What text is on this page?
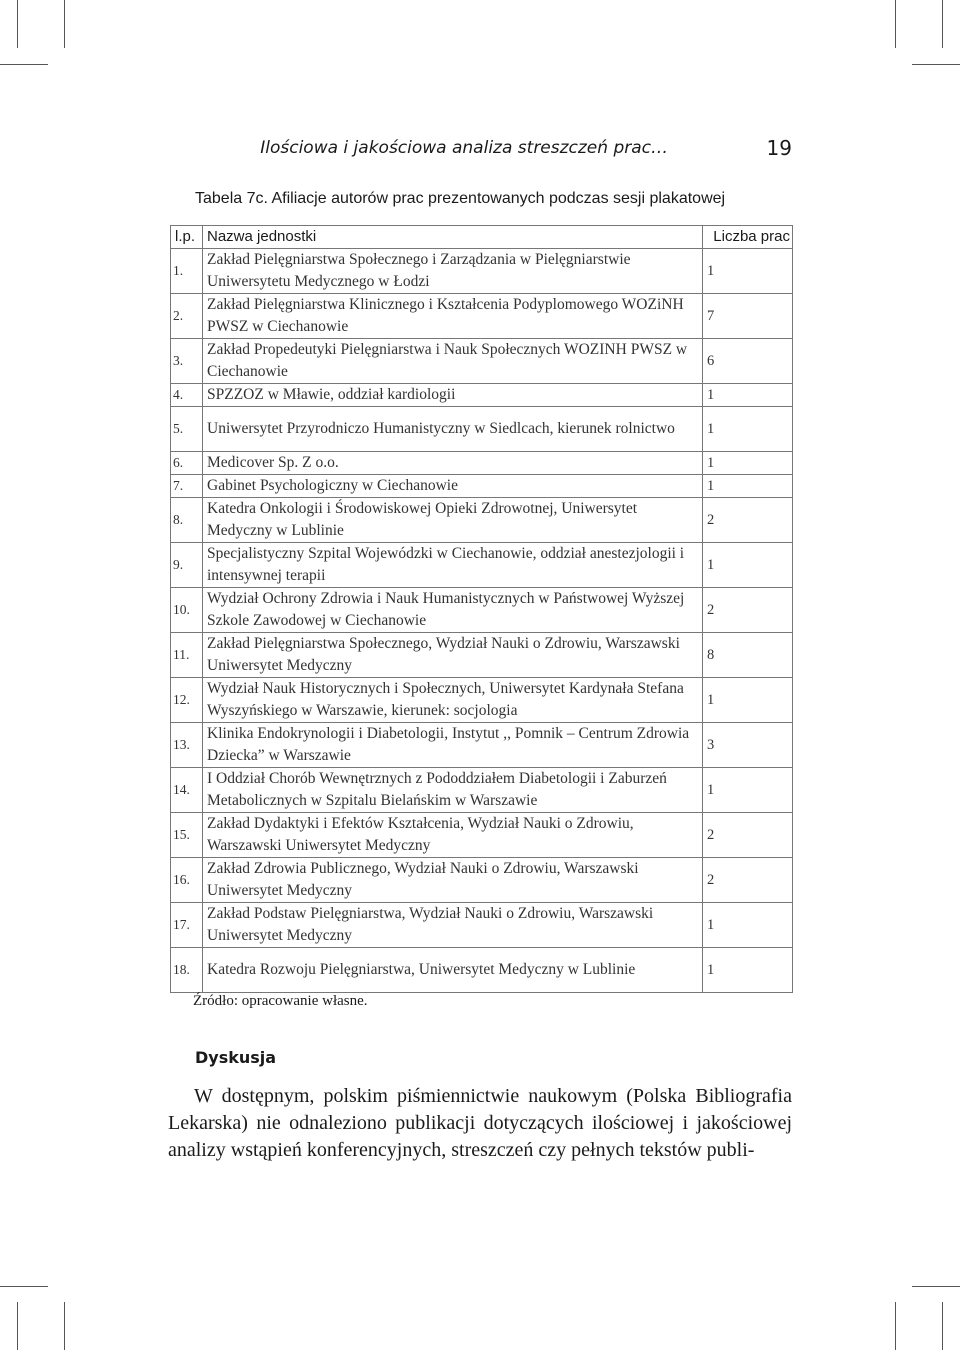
Ilościowa i jakościowa analiza streszczeń prac…	19
Tabela 7c. Afiliacje autorów prac prezentowanych podczas sesji plakatowej
l.p.	Nazwa jednostki	Liczba prac
1.	Zakład Pielęgniarstwa Społecznego i Zarządzania w Pielęgniarstwie Uniwersytetu Medycznego w Łodzi	1
2.	Zakład Pielęgniarstwa Klinicznego i Kształcenia Podyplomowego WOZiNH PWSZ w Ciechanowie	7
3.	Zakład Propedeutyki Pielęgniarstwa i Nauk Społecznych WOZINH PWSZ w Ciechanowie	6
4.	SPZZOZ w Mławie, oddział kardiologii	1
5.	Uniwersytet Przyrodniczo Humanistyczny w Siedlcach, kierunek rolnictwo	1
6.	Medicover Sp. Z o.o.	1
7.	Gabinet Psychologiczny w Ciechanowie	1
8.	Katedra Onkologii i Środowiskowej Opieki Zdrowotnej, Uniwersytet Medyczny w Lublinie	2
9.	Specjalistyczny Szpital Wojewódzki w Ciechanowie, oddział anestezjologii i intensywnej terapii	1
10.	Wydział Ochrony Zdrowia i Nauk Humanistycznych w Państwowej Wyższej Szkole Zawodowej w Ciechanowie	2
11.	Zakład Pielęgniarstwa Społecznego, Wydział Nauki o Zdrowiu, Warszawski Uniwersytet Medyczny	8
12.	Wydział Nauk Historycznych i Społecznych, Uniwersytet Kardynała Stefana Wyszyńskiego w Warszawie, kierunek: socjologia	1
13.	Klinika Endokrynologii i Diabetologii, Instytut ,, Pomnik – Centrum Zdrowia Dziecka” w Warszawie	3
14.	I Oddział Chorób Wewnętrznych z Pododdziałem Diabetologii i Zaburzeń Metabolicznych w Szpitalu Bielańskim w Warszawie	1
15.	Zakład Dydaktyki i Efektów Kształcenia, Wydział Nauki o Zdrowiu, Warszawski Uniwersytet Medyczny	2
16.	Zakład Zdrowia Publicznego, Wydział Nauki o Zdrowiu, Warszawski Uniwersytet Medyczny	2
17.	Zakład Podstaw Pielęgniarstwa, Wydział Nauki o Zdrowiu, Warszawski Uniwersytet Medyczny	1
18.	Katedra Rozwoju Pielęgniarstwa, Uniwersytet Medyczny w Lublinie	1
Źródło: opracowanie własne.
Dyskusja

W dostępnym, polskim piśmiennictwie naukowym (Polska Bibliografia Lekarska) nie odnaleziono publikacji dotyczących ilościowej i jakościowej analizy wstąpień konferencyjnych, streszczeń czy pełnych tekstów publi-
